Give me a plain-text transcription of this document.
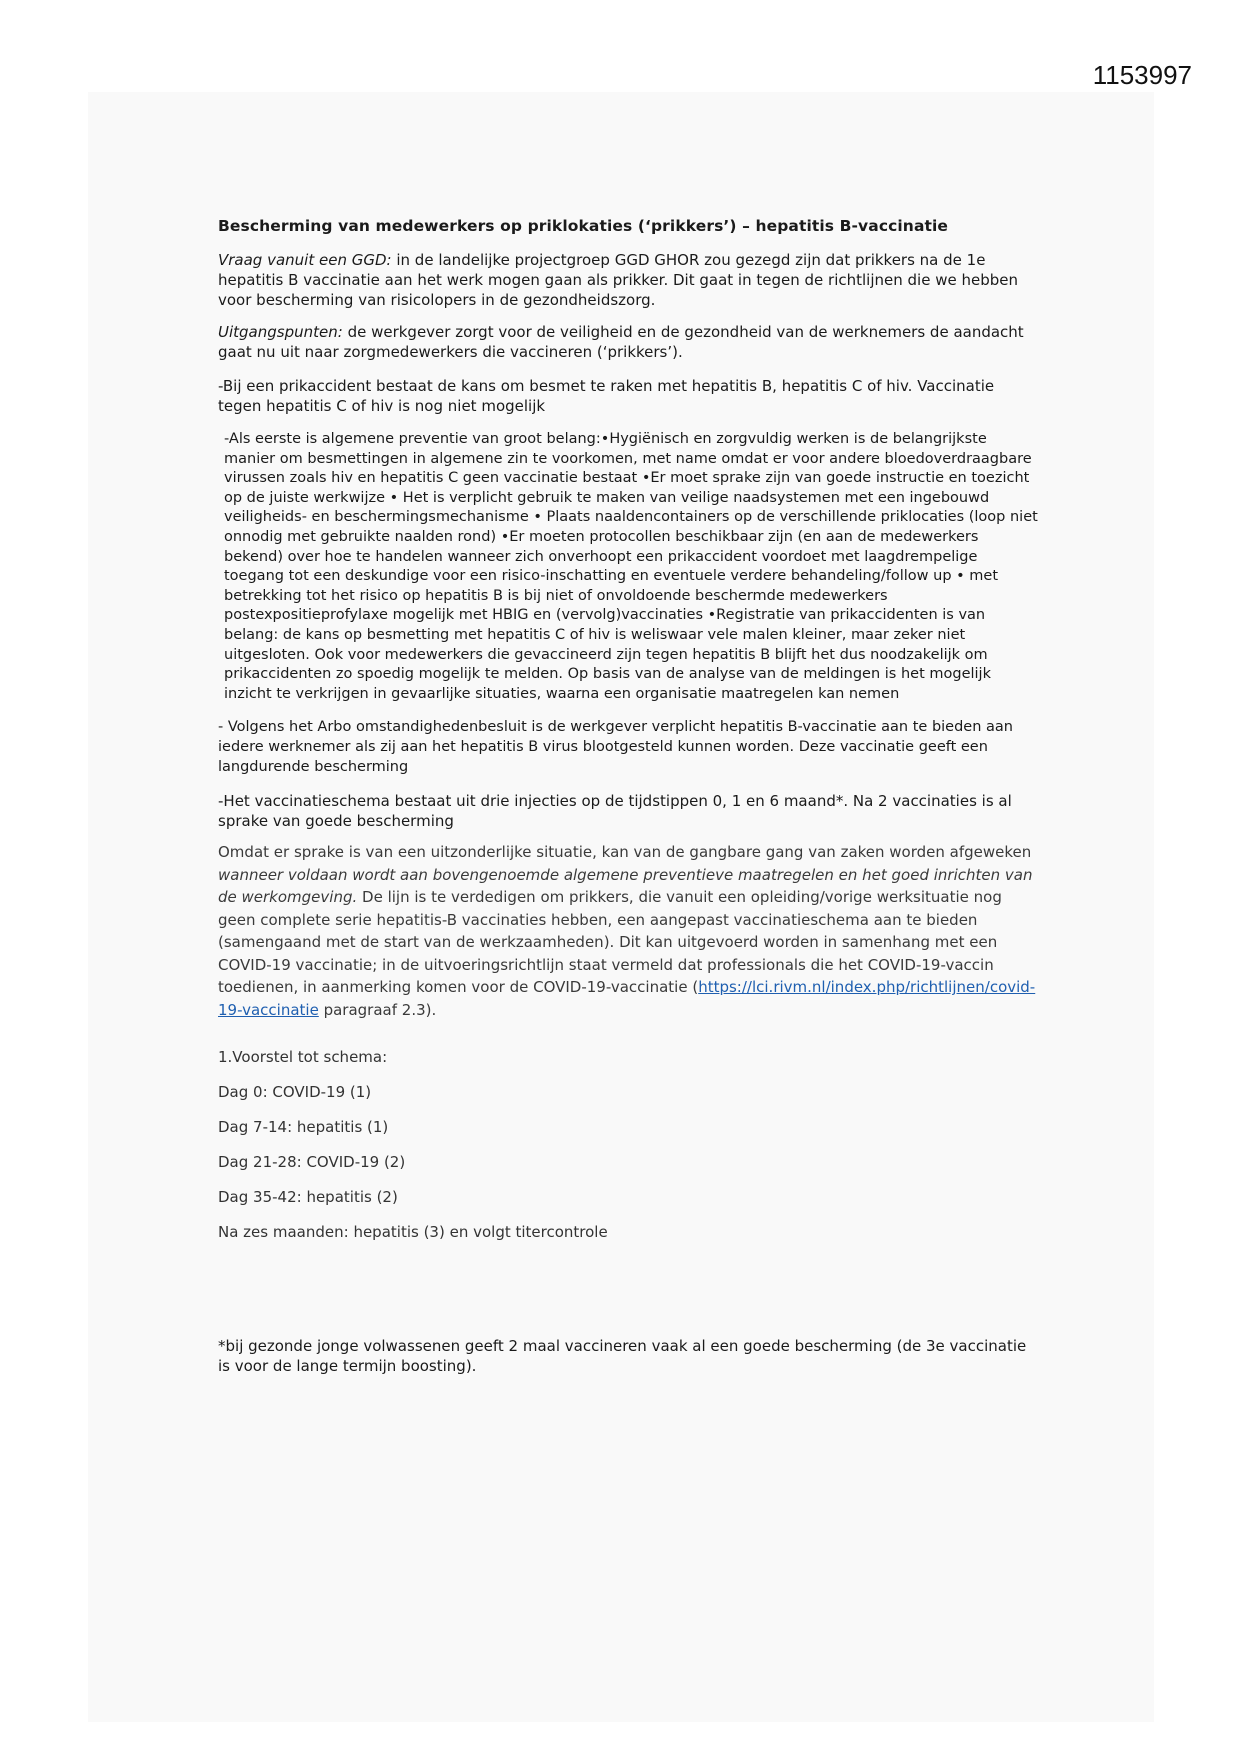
1153997
Bescherming van medewerkers op priklokaties (‘prikkers’) – hepatitis B-vaccinatie

Vraag vanuit een GGD: in de landelijke projectgroep GGD GHOR zou gezegd zijn dat prikkers na de 1e hepatitis B vaccinatie aan het werk mogen gaan als prikker. Dit gaat in tegen de richtlijnen die we hebben voor bescherming van risicolopers in de gezondheidszorg.

Uitgangspunten: de werkgever zorgt voor de veiligheid en de gezondheid van de werknemers de aandacht gaat nu uit naar zorgmedewerkers die vaccineren (‘prikkers’).

-Bij een prikaccident bestaat de kans om besmet te raken met hepatitis B, hepatitis C of hiv. Vaccinatie tegen hepatitis C of hiv is nog niet mogelijk

-Als eerste is algemene preventie van groot belang:•Hygiënisch en zorgvuldig werken is de belangrijkste manier om besmettingen in algemene zin te voorkomen, met name omdat er voor andere bloedoverdraagbare virussen zoals hiv en hepatitis C geen vaccinatie bestaat •Er moet sprake zijn van goede instructie en toezicht op de juiste werkwijze • Het is verplicht gebruik te maken van veilige naadsystemen met een ingebouwd veiligheids- en beschermingsmechanisme • Plaats naaldencontainers op de verschillende priklocaties (loop niet onnodig met gebruikte naalden rond) •Er moeten protocollen beschikbaar zijn (en aan de medewerkers bekend) over hoe te handelen wanneer zich onverhoopt een prikaccident voordoet met laagdrempelige toegang tot een deskundige voor een risico-inschatting en eventuele verdere behandeling/follow up • met betrekking tot het risico op hepatitis B is bij niet of onvoldoende beschermde medewerkers postexpositieprofylaxe mogelijk met HBIG en (vervolg)vaccinaties •Registratie van prikaccidenten is van belang: de kans op besmetting met hepatitis C of hiv is weliswaar vele malen kleiner, maar zeker niet uitgesloten. Ook voor medewerkers die gevaccineerd zijn tegen hepatitis B blijft het dus noodzakelijk om prikaccidenten zo spoedig mogelijk te melden. Op basis van de analyse van de meldingen is het mogelijk inzicht te verkrijgen in gevaarlijke situaties, waarna een organisatie maatregelen kan nemen

- Volgens het Arbo omstandighedenbesluit is de werkgever verplicht hepatitis B-vaccinatie aan te bieden aan iedere werknemer als zij aan het hepatitis B virus blootgesteld kunnen worden. Deze vaccinatie geeft een langdurende bescherming

-Het vaccinatieschema bestaat uit drie injecties op de tijdstippen 0, 1 en 6 maand*. Na 2 vaccinaties is al sprake van goede bescherming

Omdat er sprake is van een uitzonderlijke situatie, kan van de gangbare gang van zaken worden afgeweken wanneer voldaan wordt aan bovengenoemde algemene preventieve maatregelen en het goed inrichten van de werkomgeving. De lijn is te verdedigen om prikkers, die vanuit een opleiding/vorige werksituatie nog geen complete serie hepatitis-B vaccinaties hebben, een aangepast vaccinatieschema aan te bieden (samengaand met de start van de werkzaamheden). Dit kan uitgevoerd worden in samenhang met een COVID-19 vaccinatie; in de uitvoeringsrichtlijn staat vermeld dat professionals die het COVID-19-vaccin toedienen, in aanmerking komen voor de COVID-19-vaccinatie (https://lci.rivm.nl/index.php/richtlijnen/covid-19-vaccinatie paragraaf 2.3).

1.Voorstel tot schema:

Dag 0: COVID-19 (1)

Dag 7-14: hepatitis (1)

Dag 21-28: COVID-19 (2)

Dag 35-42: hepatitis (2)

Na zes maanden: hepatitis (3) en volgt titercontrole

*bij gezonde jonge volwassenen geeft 2 maal vaccineren vaak al een goede bescherming (de 3e vaccinatie is voor de lange termijn boosting).
